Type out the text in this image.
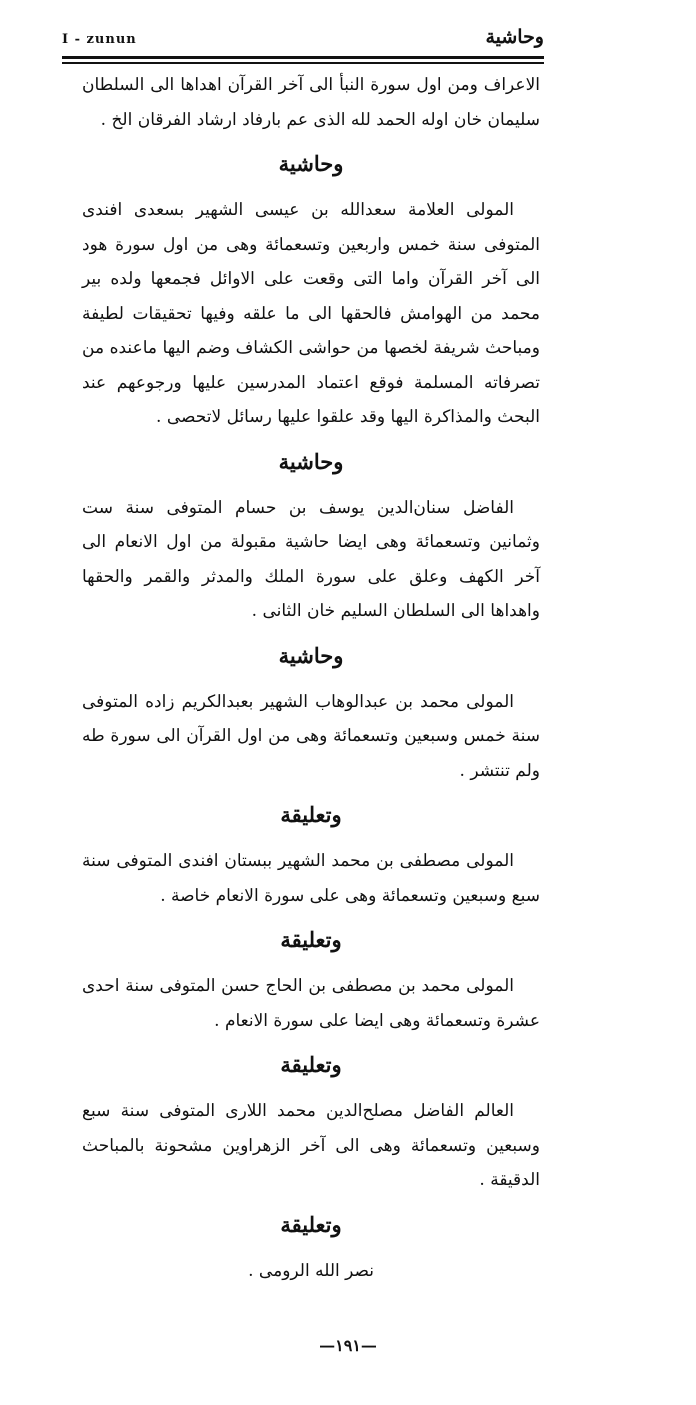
وحاشية
I - zunun

الاعراف ومن اول سورة النبأ الى آخر القرآن اهداها الى السلطان سليمان خان اوله الحمد لله الذى عم بارفاد ارشاد الفرقان الخ .

وحاشية

المولى العلامة سعدالله بن عيسى الشهير بسعدى افندى المتوفى سنة خمس واربعين وتسعمائة وهى من اول سورة هود الى آخر القرآن واما التى وقعت على الاوائل فجمعها ولده بير محمد من الهوامش فالحقها الى ما علقه وفيها تحقيقات لطيفة ومباحث شريفة لخصها من حواشى الكشاف وضم اليها ماعنده من تصرفاته المسلمة فوقع اعتماد المدرسين عليها ورجوعهم عند البحث والمذاكرة اليها وقد علقوا عليها رسائل لاتحصى .

وحاشية

الفاضل سنان‌الدين يوسف بن حسام المتوفى سنة ست وثمانين وتسعمائة وهى ايضا حاشية مقبولة من اول الانعام الى آخر الكهف وعلق على سورة الملك والمدثر والقمر والحقها واهداها الى السلطان السليم خان الثانى .

وحاشية

المولى محمد بن عبدالوهاب الشهير بعبدالكريم زاده المتوفى سنة خمس وسبعين وتسعمائة وهى من اول القرآن الى سورة طه ولم تنتشر .

وتعليقة

المولى مصطفى بن محمد الشهير ببستان افندى المتوفى سنة سبع وسبعين وتسعمائة وهى على سورة الانعام خاصة .

وتعليقة

المولى محمد بن مصطفى بن الحاج حسن المتوفى سنة احدى عشرة وتسعمائة وهى ايضا على سورة الانعام .

وتعليقة

العالم الفاضل مصلح‌الدين محمد اللارى المتوفى سنة سبع وسبعين وتسعمائة وهى الى آخر الزهراوين مشحونة بالمباحث الدقيقة .

وتعليقة

نصر الله الرومى .

—١٩١—
